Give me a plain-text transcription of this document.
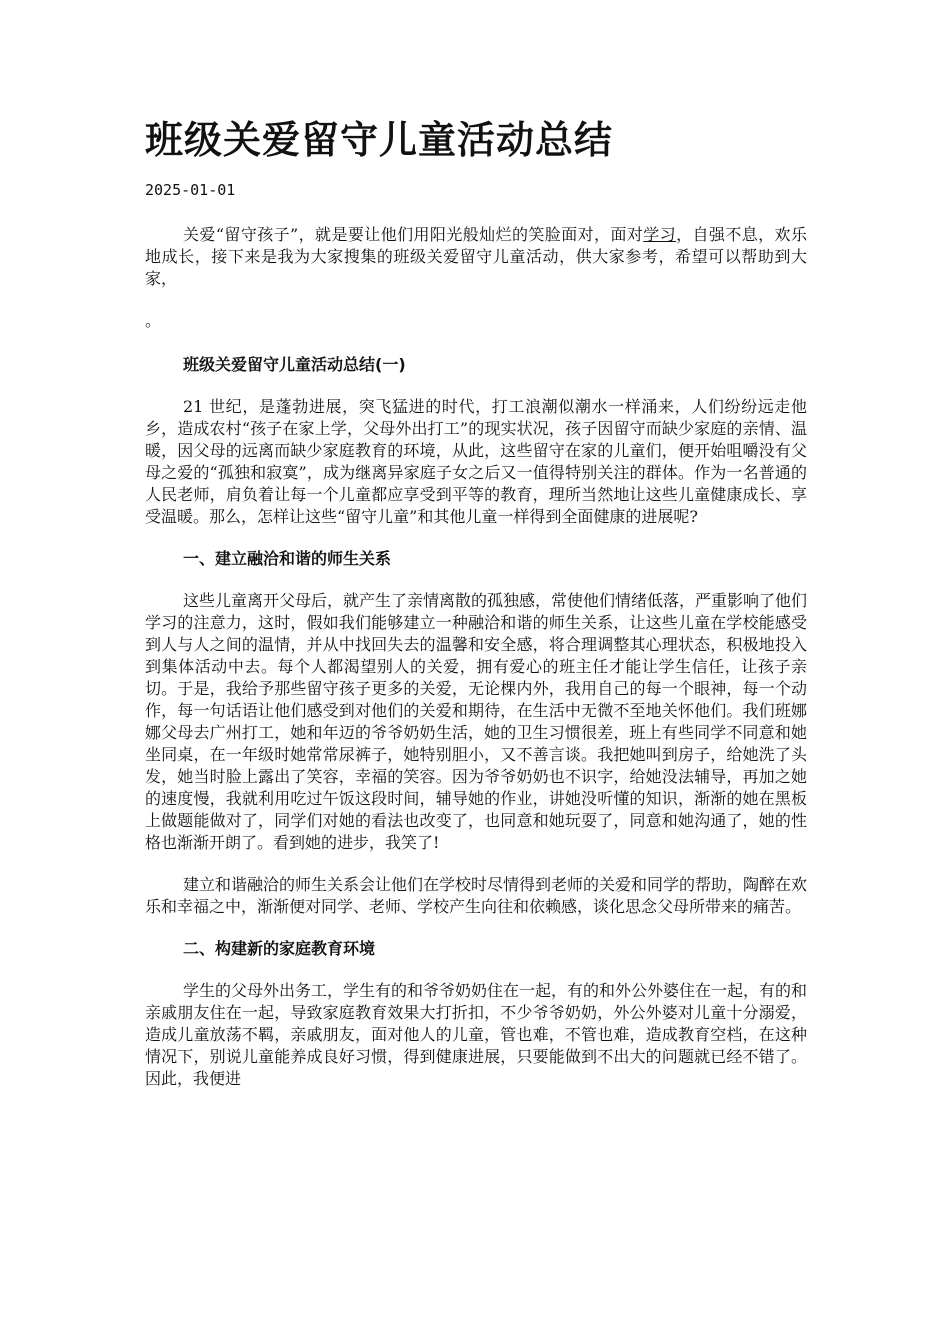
班级关爱留守儿童活动总结
2025-01-01

关爱“留守孩子”，就是要让他们用阳光般灿烂的笑脸面对，面对学习，自强不息，欢乐地成长，接下来是我为大家搜集的班级关爱留守儿童活动，供大家参考，希望可以帮助到大家，

。

班级关爱留守儿童活动总结(一)

21 世纪，是蓬勃进展，突飞猛进的时代，打工浪潮似潮水一样涌来，人们纷纷远走他乡，造成农村“孩子在家上学，父母外出打工”的现实状况，孩子因留守而缺少家庭的亲情、温暖，因父母的远离而缺少家庭教育的环境，从此，这些留守在家的儿童们，便开始咀嚼没有父母之爱的“孤独和寂寞”，成为继离异家庭子女之后又一值得特别关注的群体。作为一名普通的人民老师，肩负着让每一个儿童都应享受到平等的教育，理所当然地让这些儿童健康成长、享受温暖。那么，怎样让这些“留守儿童”和其他儿童一样得到全面健康的进展呢?

一、建立融洽和谐的师生关系

这些儿童离开父母后，就产生了亲情离散的孤独感，常使他们情绪低落，严重影响了他们学习的注意力，这时，假如我们能够建立一种融洽和谐的师生关系，让这些儿童在学校能感受到人与人之间的温情，并从中找回失去的温馨和安全感，将合理调整其心理状态，积极地投入到集体活动中去。每个人都渴望别人的关爱，拥有爱心的班主任才能让学生信任，让孩子亲切。于是，我给予那些留守孩子更多的关爱，无论棵内外，我用自己的每一个眼神，每一个动作，每一句话语让他们感受到对他们的关爱和期待，在生活中无微不至地关怀他们。我们班娜娜父母去广州打工，她和年迈的爷爷奶奶生活，她的卫生习惯很差，班上有些同学不同意和她坐同桌，在一年级时她常常尿裤子，她特别胆小，又不善言谈。我把她叫到房子，给她洗了头发，她当时脸上露出了笑容，幸福的笑容。因为爷爷奶奶也不识字，给她没法辅导，再加之她的速度慢，我就利用吃过午饭这段时间，辅导她的作业，讲她没听懂的知识，渐渐的她在黑板上做题能做对了，同学们对她的看法也改变了，也同意和她玩耍了，同意和她沟通了，她的性格也渐渐开朗了。看到她的进步，我笑了!

建立和谐融洽的师生关系会让他们在学校时尽情得到老师的关爱和同学的帮助，陶醉在欢乐和幸福之中，渐渐便对同学、老师、学校产生向往和依赖感，谈化思念父母所带来的痛苦。

二、构建新的家庭教育环境

学生的父母外出务工，学生有的和爷爷奶奶住在一起，有的和外公外婆住在一起，有的和亲戚朋友住在一起，导致家庭教育效果大打折扣，不少爷爷奶奶，外公外婆对儿童十分溺爱，造成儿童放荡不羁，亲戚朋友，面对他人的儿童，管也难，不管也难，造成教育空档，在这种情况下，别说儿童能养成良好习惯，得到健康进展，只要能做到不出大的问题就已经不错了。因此，我便进
